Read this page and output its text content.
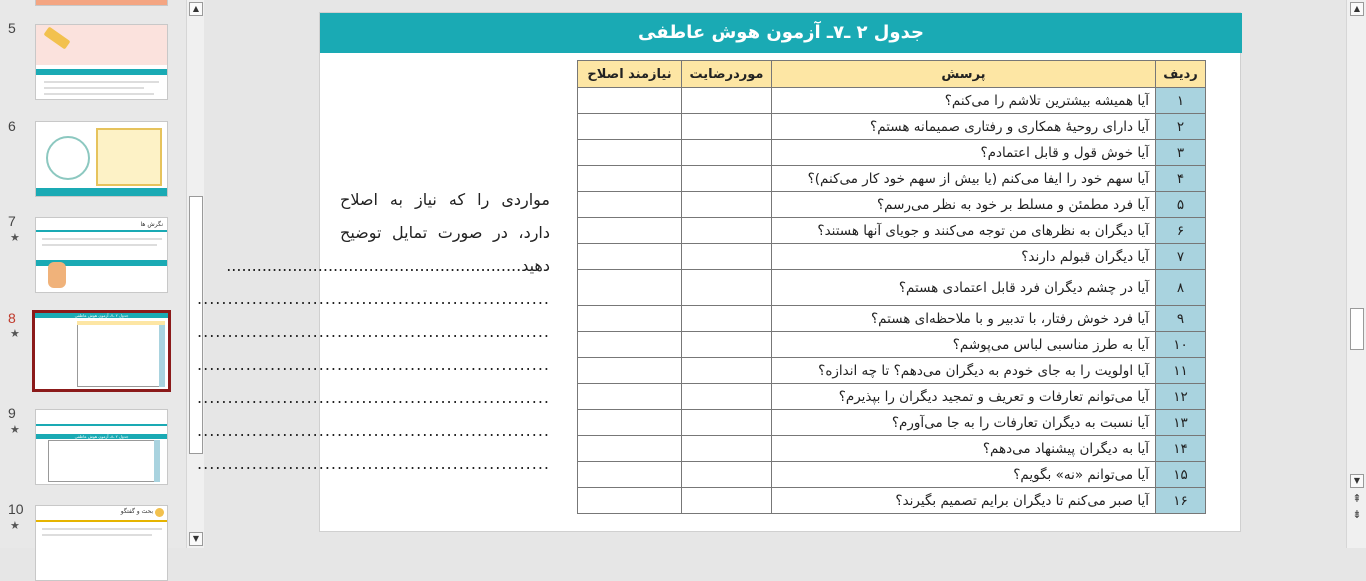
5
6
7
★
نگرش ها
8
★
جدول ۲ ـ۷ـ آزمون هوش عاطفی
9
★
جدول ۲ ـ۸ـ آزمون هوش عاطفی
10
★
بحث و گفتگو
▲
▼
جدول ۲ ـ۷ـ آزمون هوش عاطفی
مواردی را که نیاز به اصلاح دارد، در صورت تمایل توضیح دهید..........................................................
..........................................................
..........................................................
..........................................................
..........................................................
..........................................................
..........................................................
ردیف	پرسش	موردرضایت	نیازمند اصلاح
۱	آیا همیشه بیشترین تلاشم را می‌کنم؟		
۲	آیا دارای روحیۀ همکاری و رفتاری صمیمانه هستم؟		
۳	آیا خوش قول و قابل اعتمادم؟		
۴	آیا سهم خود را ایفا می‌کنم (یا بیش از سهم خود کار می‌کنم)؟		
۵	آیا فرد مطمئن و مسلط بر خود به نظر می‌رسم؟		
۶	آیا دیگران به نظرهای من توجه می‌کنند و جویای آنها هستند؟		
۷	آیا دیگران قبولم دارند؟		
۸	آیا در چشم دیگران فرد قابل اعتمادی هستم؟		
۹	آیا فرد خوش رفتار، با تدبیر و با ملاحظه‌ای هستم؟		
۱۰	آیا به طرز مناسبی لباس می‌پوشم؟		
۱۱	آیا اولویت را به جای خودم به دیگران می‌دهم؟ تا چه اندازه؟		
۱۲	آیا می‌توانم تعارفات و تعریف و تمجید دیگران را بپذیرم؟		
۱۳	آیا نسبت به دیگران تعارفات را به جا می‌آورم؟		
۱۴	آیا به دیگران پیشنهاد می‌دهم؟		
۱۵	آیا می‌توانم «نه» بگویم؟		
۱۶	آیا صبر می‌کنم تا دیگران برایم تصمیم بگیرند؟		
▲
▼
⇞
⇟
